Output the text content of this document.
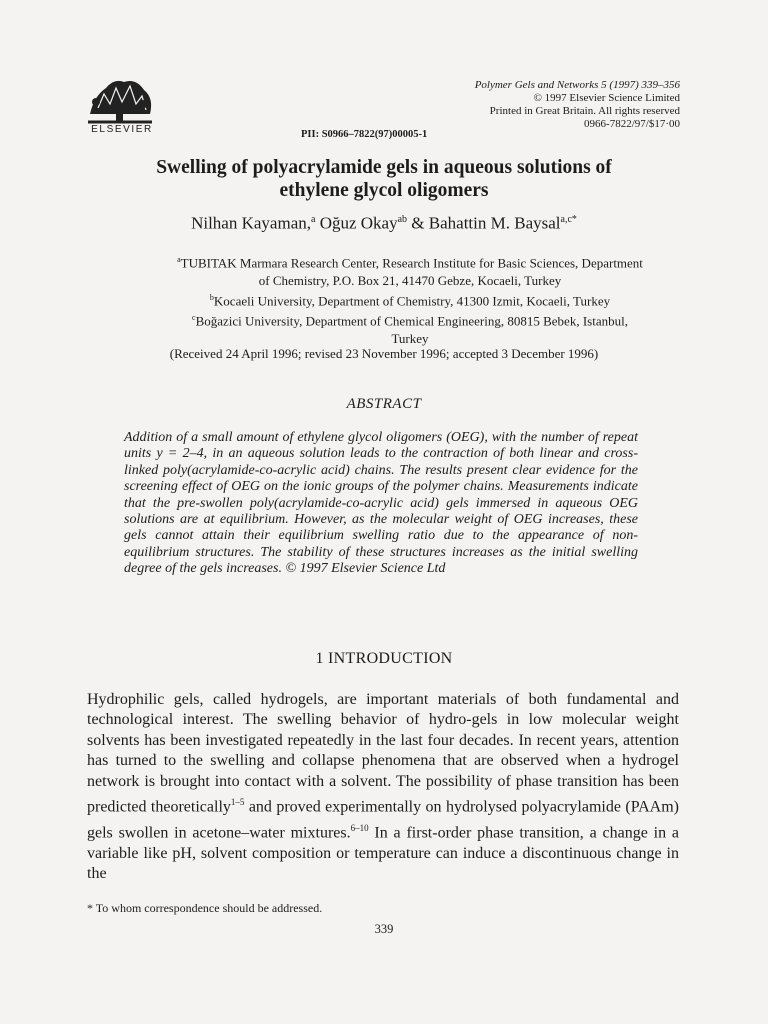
ELSEVIER
Polymer Gels and Networks 5 (1997) 339–356
© 1997 Elsevier Science Limited
Printed in Great Britain. All rights reserved
0966-7822/97/$17·00
PII: S0966–7822(97)00005-1
Swelling of polyacrylamide gels in aqueous solutions of
ethylene glycol oligomers
Nilhan Kayaman,$^a$ Oğuz Okay$^{ab}$ & Bahattin M. Baysal$^{a,c*}$
$^a$TUBITAK Marmara Research Center, Research Institute for Basic Sciences, Department
of Chemistry, P.O. Box 21, 41470 Gebze, Kocaeli, Turkey
$^b$Kocaeli University, Department of Chemistry, 41300 Izmit, Kocaeli, Turkey
$^c$Boğazici University, Department of Chemical Engineering, 80815 Bebek, Istanbul,
Turkey
(Received 24 April 1996; revised 23 November 1996; accepted 3 December 1996)
ABSTRACT
Addition of a small amount of ethylene glycol oligomers (OEG), with the number of repeat units y = 2–4, in an aqueous solution leads to the contraction of both linear and cross-linked poly(acrylamide-co-acrylic acid) chains. The results present clear evidence for the screening effect of OEG on the ionic groups of the polymer chains. Measurements indicate that the pre-swollen poly(acrylamide-co-acrylic acid) gels immersed in aqueous OEG solutions are at equilibrium. However, as the molecular weight of OEG increases, these gels cannot attain their equilibrium swelling ratio due to the appearance of non-equilibrium structures. The stability of these structures increases as the initial swelling degree of the gels increases. © 1997 Elsevier Science Ltd
1 INTRODUCTION
Hydrophilic gels, called hydrogels, are important materials of both fundamental and technological interest. The swelling behavior of hydro-gels in low molecular weight solvents has been investigated repeatedly in the last four decades. In recent years, attention has turned to the swelling and collapse phenomena that are observed when a hydrogel network is brought into contact with a solvent. The possibility of phase transition has been predicted theoretically$^{1-5}$ and proved experimentally on hydrolysed polyacrylamide (PAAm) gels swollen in acetone–water mixtures.$^{6-10}$ In a first-order phase transition, a change in a variable like pH, solvent composition or temperature can induce a discontinuous change in the
* To whom correspondence should be addressed.
339
